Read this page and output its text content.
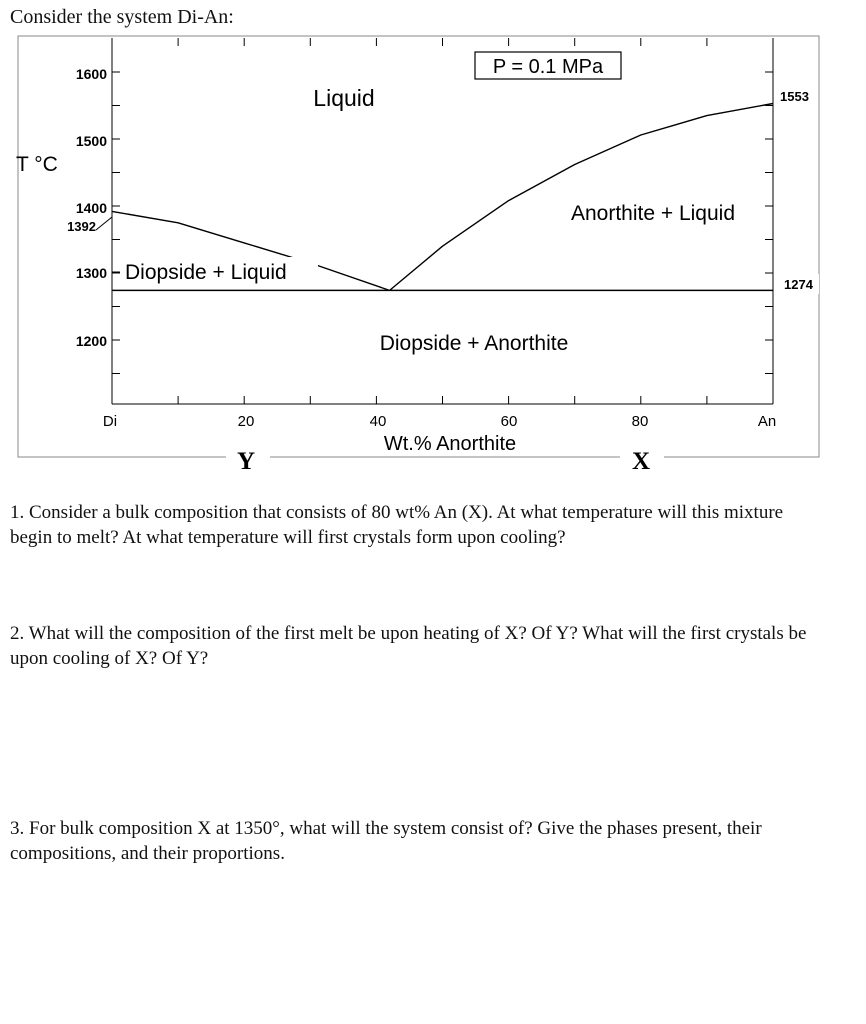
Consider the system Di-An:
P = 0.1 MPa
T °C
1600
1500
1400
1392
1300
1200
1553
1274
Di	20	40	60	80	An
Wt.% Anorthite
Liquid
Diopside + Liquid
Anorthite + Liquid
Diopside + Anorthite
Y	X
1. Consider a bulk composition that consists of 80 wt% An (X). At what temperature will this mixture begin to melt? At what temperature will first crystals form upon cooling?
2. What will the composition of the first melt be upon heating of X? Of Y? What will the first crystals be upon cooling of X? Of Y?
3. For bulk composition X at 1350°, what will the system consist of? Give the phases present, their compositions, and their proportions.
